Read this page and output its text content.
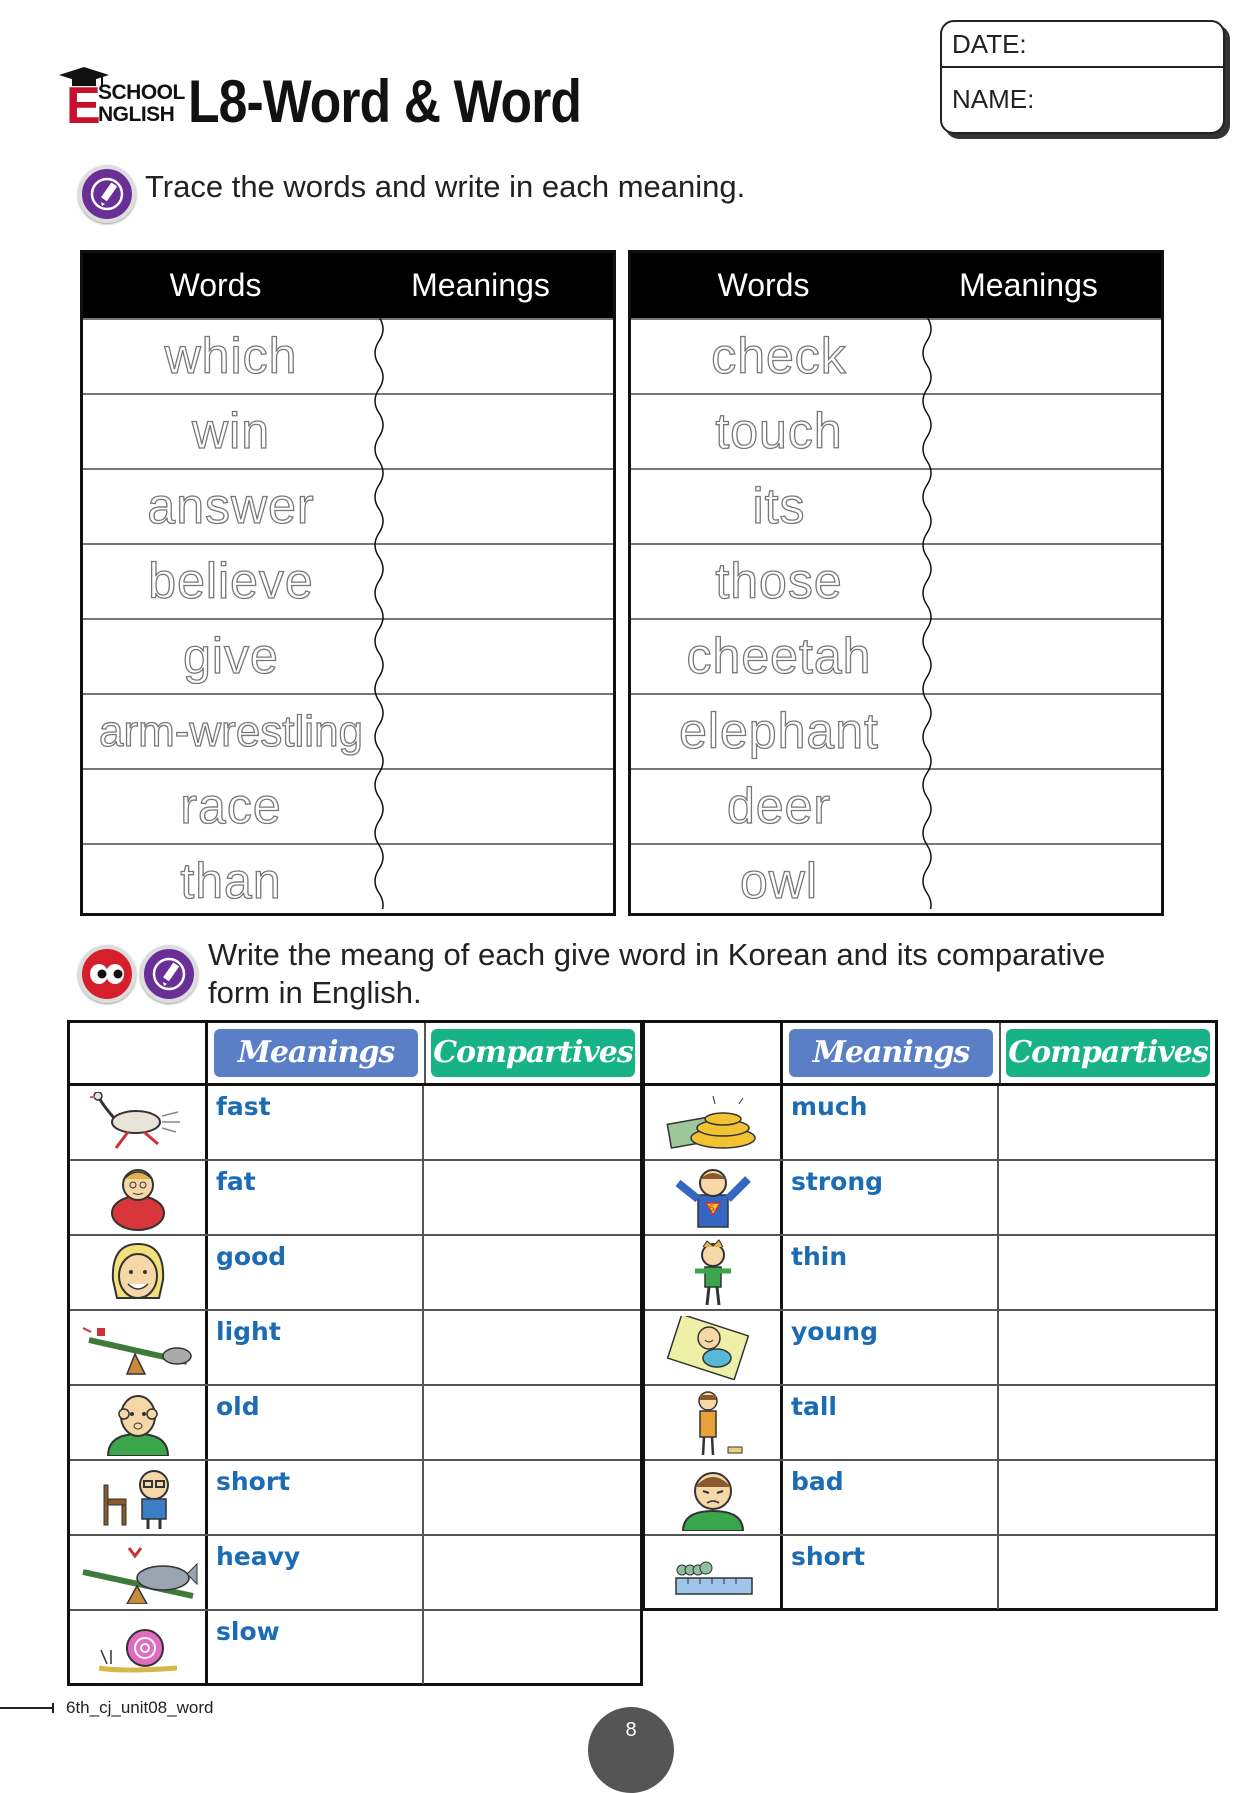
E
SCHOOL
NGLISH L8-Word & Word
DATE:
NAME:
Trace the words and write in each meaning.
Words	Meanings
which
win
answer
believe
give
arm-wrestling
race
than
Words	Meanings
check
touch
its
those
cheetah
elephant
deer
owl
Write the meang of each give word in Korean and its comparative
form in English.
Meanings	Compartives
fast
fat
good
light
old
short
heavy
slow
Meanings	Compartives
much
S
strong
thin
young
tall
bad
short
6th_cj_unit08_word
8
